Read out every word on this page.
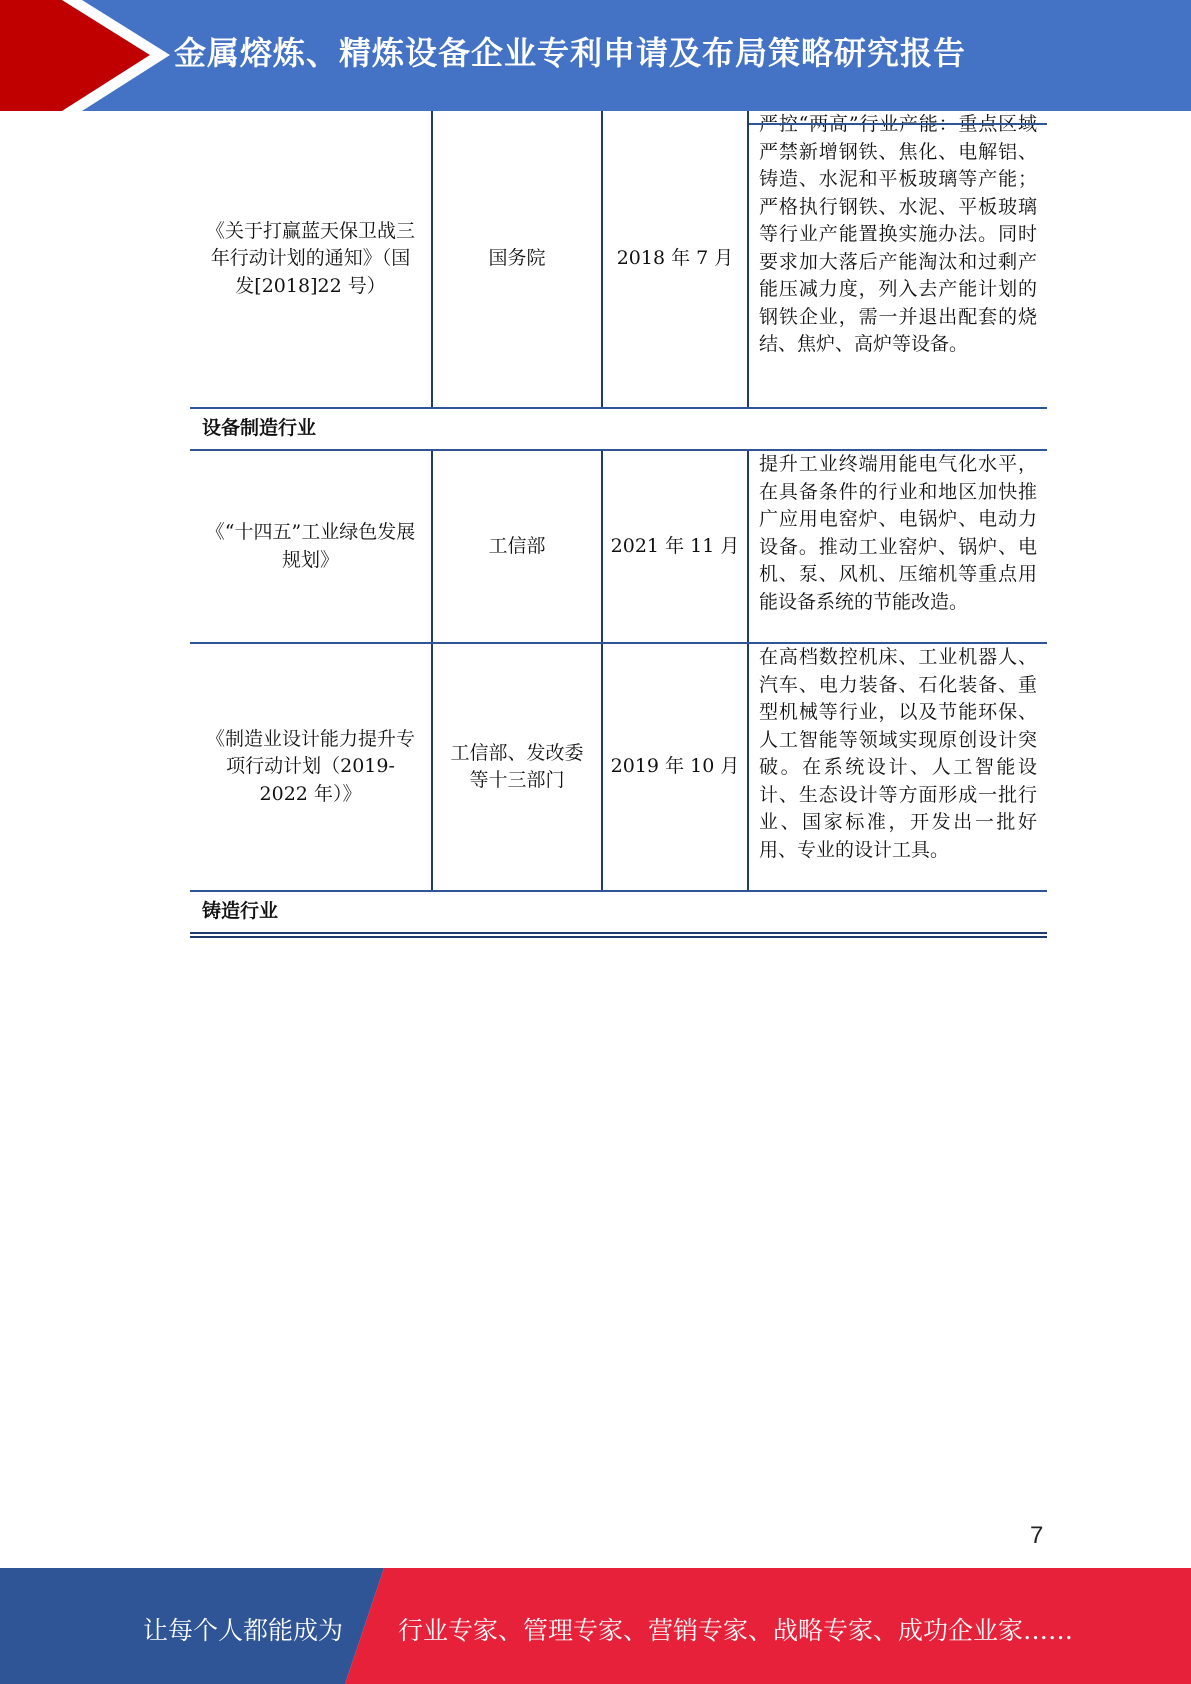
金属熔炼、精炼设备企业专利申请及布局策略研究报告
《关于打赢蓝天保卫战三年行动计划的通知》（国发[2018]22 号）	国务院	2018 年 7 月	严控“两高”行业产能：重点区域严禁新增钢铁、焦化、电解铝、铸造、水泥和平板玻璃等产能；严格执行钢铁、水泥、平板玻璃等行业产能置换实施办法。同时要求加大落后产能淘汰和过剩产能压减力度，列入去产能计划的钢铁企业，需一并退出配套的烧结、焦炉、高炉等设备。
设备制造行业			
《“十四五”工业绿色发展规划》	工信部	2021 年 11 月	提升工业终端用能电气化水平，在具备条件的行业和地区加快推广应用电窑炉、电锅炉、电动力设备。推动工业窑炉、锅炉、电机、泵、风机、压缩机等重点用能设备系统的节能改造。
《制造业设计能力提升专项行动计划（2019-2022 年）》	工信部、发改委等十三部门	2019 年 10 月	在高档数控机床、工业机器人、汽车、电力装备、石化装备、重型机械等行业，以及节能环保、人工智能等领域实现原创设计突破。在系统设计、人工智能设计、生态设计等方面形成一批行业、国家标准，开发出一批好用、专业的设计工具。
铸造行业			
7
让每个人都能成为 行业专家、管理专家、营销专家、战略专家、成功企业家……
